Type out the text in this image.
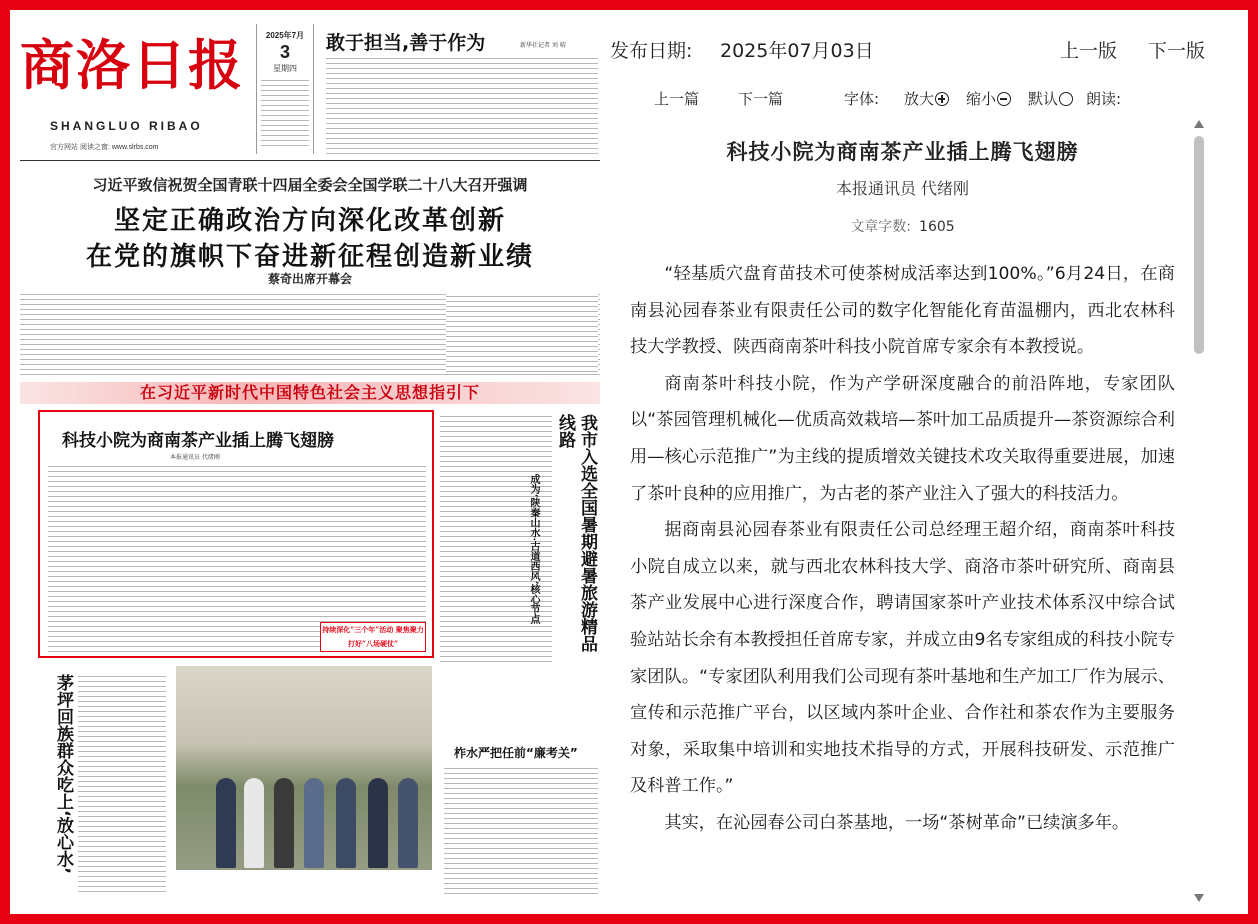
商洛日报
SHANGLUO RIBAO
官方网站 阅读之窗: www.slrbs.com
2025年7月
3
星期四
敢于担当,善于作为	新华社记者 刘 晴
习近平致信祝贺全国青联十四届全委会全国学联二十八大召开强调
坚定正确政治方向深化改革创新
在党的旗帜下奋进新征程创造新业绩
蔡奇出席开幕会
在习近平新时代中国特色社会主义思想指引下
科技小院为商南茶产业插上腾飞翅膀
本报通讯员 代绪刚
持续深化“三个年”活动 聚焦聚力打好“八场硬仗”	我市入选全国暑期避暑旅游精品线路
成为‘陕秦山水·古道西风’核心节点
茅坪回族群众吃上‘放心水’	柞水严把任前“廉考关”
发布日期: 2025年07月03日	上一版 下一版
上一篇	下一篇	字体: 放大	缩小	默认	朗读:
科技小院为商南茶产业插上腾飞翅膀
本报通讯员 代绪刚
文章字数: 1605

“轻基质穴盘育苗技术可使茶树成活率达到100%。”6月24日，在商南县沁园春茶业有限责任公司的数字化智能化育苗温棚内，西北农林科技大学教授、陕西商南茶叶科技小院首席专家余有本教授说。

商南茶叶科技小院，作为产学研深度融合的前沿阵地，专家团队以“茶园管理机械化—优质高效栽培—茶叶加工品质提升—茶资源综合利用—核心示范推广”为主线的提质增效关键技术攻关取得重要进展，加速了茶叶良种的应用推广，为古老的茶产业注入了强大的科技活力。

据商南县沁园春茶业有限责任公司总经理王超介绍，商南茶叶科技小院自成立以来，就与西北农林科技大学、商洛市茶叶研究所、商南县茶产业发展中心进行深度合作，聘请国家茶叶产业技术体系汉中综合试验站站长余有本教授担任首席专家，并成立由9名专家组成的科技小院专家团队。“专家团队利用我们公司现有茶叶基地和生产加工厂作为展示、宣传和示范推广平台，以区域内茶叶企业、合作社和茶农作为主要服务对象，采取集中培训和实地技术指导的方式，开展科技研发、示范推广及科普工作。”

其实，在沁园春公司白茶基地，一场“茶树革命”已续演多年。
